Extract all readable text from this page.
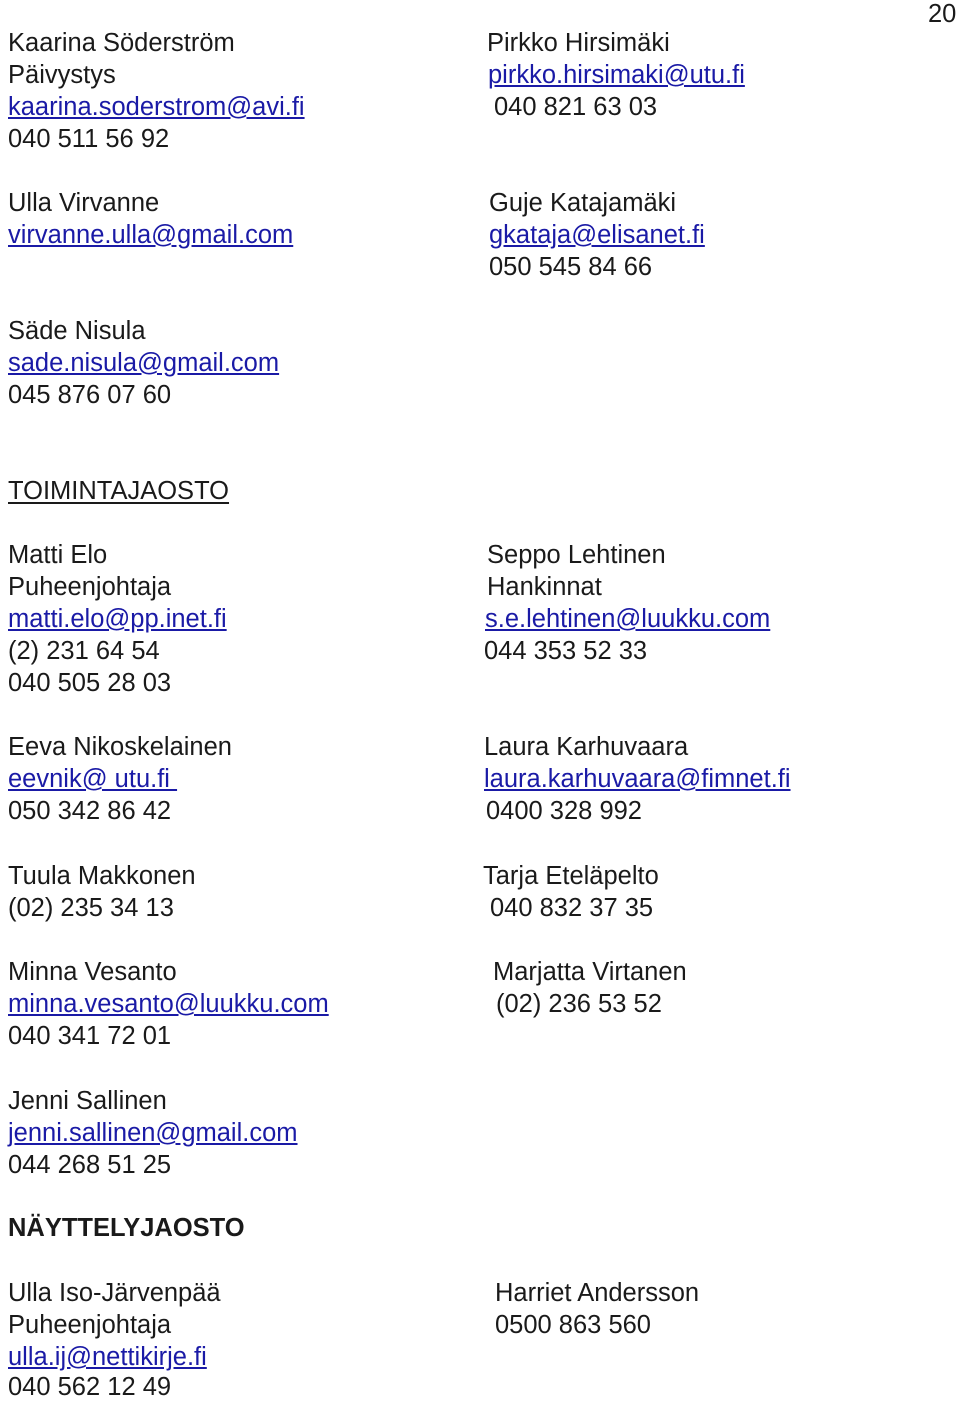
20
Kaarina Söderström
Päivystys
kaarina.soderstrom@avi.fi
040 511 56 92
Pirkko Hirsimäki
pirkko.hirsimaki@utu.fi
040 821 63 03
Ulla Virvanne
virvanne.ulla@gmail.com
Guje Katajamäki
gkataja@elisanet.fi
050 545 84 66
Säde Nisula
sade.nisula@gmail.com
045 876 07 60
TOIMINTAJAOSTO
Matti Elo
Puheenjohtaja
matti.elo@pp.inet.fi
(2) 231 64 54
040 505 28 03
Seppo Lehtinen
Hankinnat
s.e.lehtinen@luukku.com
044 353 52 33
Eeva Nikoskelainen
eevnik@ utu.fi
050 342 86 42
Laura Karhuvaara
laura.karhuvaara@fimnet.fi
0400 328 992
Tuula Makkonen
(02) 235 34 13
Tarja Eteläpelto
040 832 37 35
Minna Vesanto
minna.vesanto@luukku.com
040 341 72 01
Marjatta Virtanen
(02) 236 53 52
Jenni Sallinen
jenni.sallinen@gmail.com
044 268 51 25
NÄYTTELYJAOSTO
Ulla Iso-Järvenpää
Puheenjohtaja
ulla.ij@nettikirje.fi
040 562 12 49
Harriet Andersson
0500 863 560
